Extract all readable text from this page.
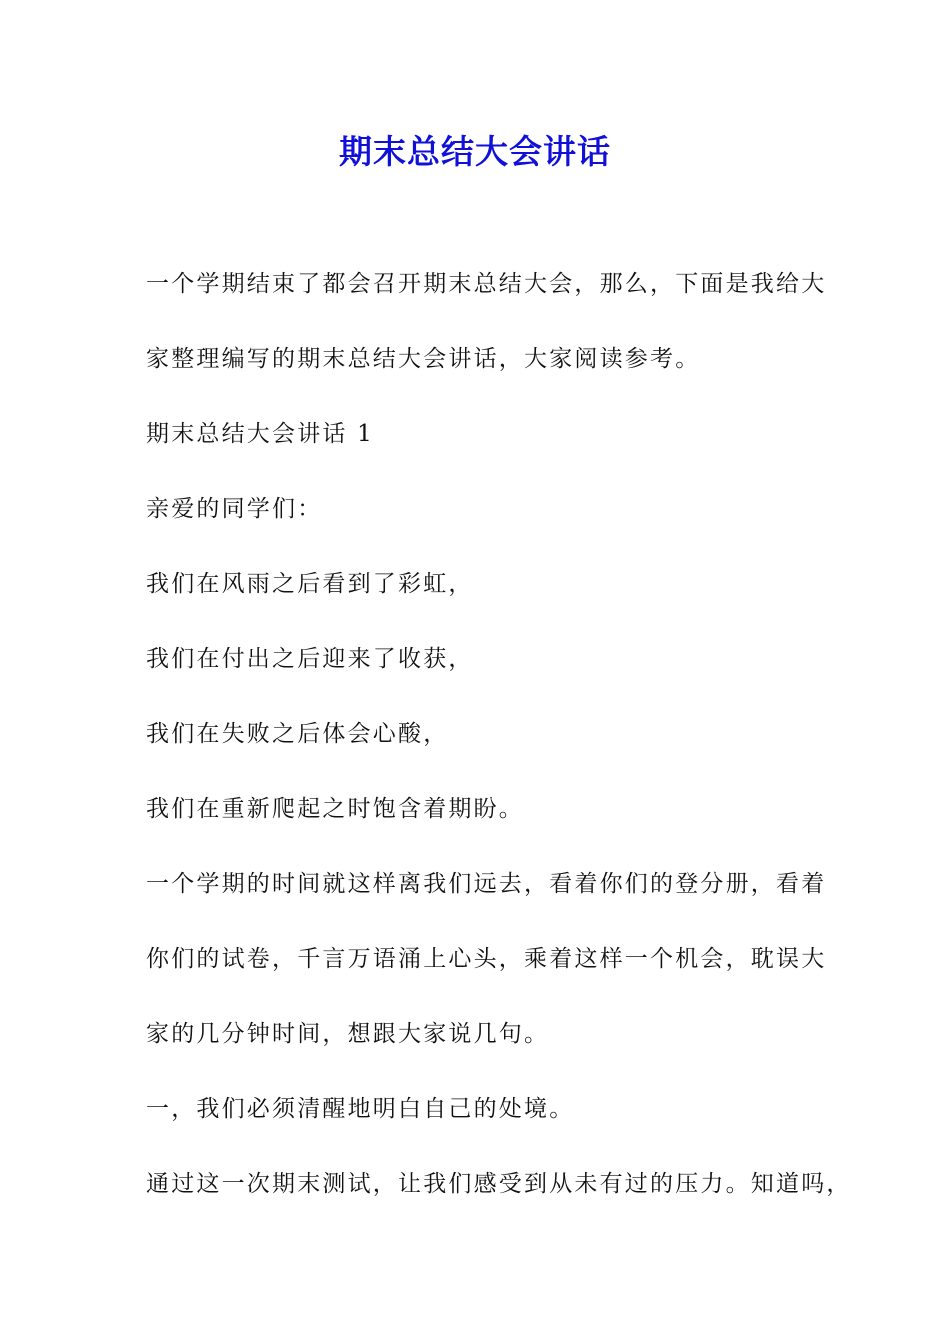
期末总结大会讲话
一个学期结束了都会召开期末总结大会，那么，下面是我给大
家整理编写的期末总结大会讲话，大家阅读参考。
期末总结大会讲话 1
亲爱的同学们：
我们在风雨之后看到了彩虹，
我们在付出之后迎来了收获，
我们在失败之后体会心酸，
我们在重新爬起之时饱含着期盼。
一个学期的时间就这样离我们远去，看着你们的登分册，看着
你们的试卷，千言万语涌上心头，乘着这样一个机会，耽误大
家的几分钟时间，想跟大家说几句。
一，我们必须清醒地明白自己的处境。
通过这一次期末测试，让我们感受到从未有过的压力。知道吗，
